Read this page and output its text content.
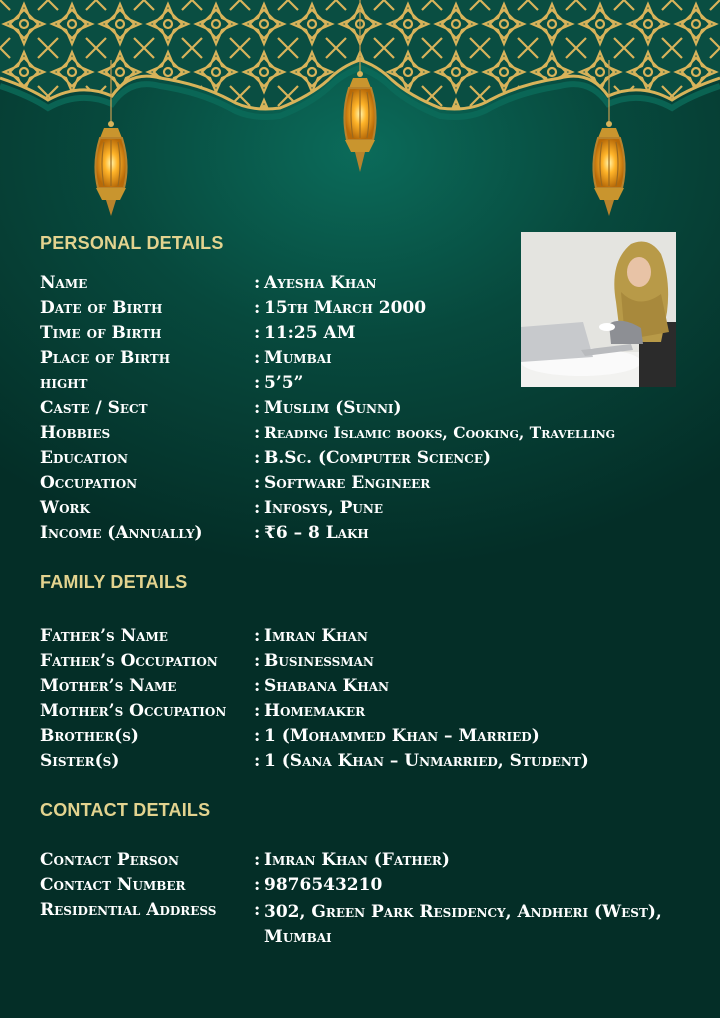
PERSONAL DETAILS
Name	: Ayesha Khan
Date of Birth	: 15th March 2000
Time of Birth	: 11:25 AM
Place of Birth	: Mumbai
hight	: 5’5”
Caste / Sect	: Muslim (Sunni)
Hobbies	: Reading Islamic books, Cooking, Travelling
Education	: B.Sc. (Computer Science)
Occupation	: Software Engineer
Work	: Infosys, Pune
Income (Annually)	: ₹6 – 8 Lakh
FAMILY DETAILS
Father’s Name	: Imran Khan
Father’s Occupation : Businessman
Mother’s Name	: Shabana Khan
Mother’s Occupation : Homemaker
Brother(s)	: 1 (Mohammed Khan – Married)
Sister(s)	: 1 (Sana Khan – Unmarried, Student)
CONTACT DETAILS
Contact Person	: Imran Khan (Father)
Contact Number	: 9876543210
Residential Address : 302, Green Park Residency, Andheri (West), Mumbai
